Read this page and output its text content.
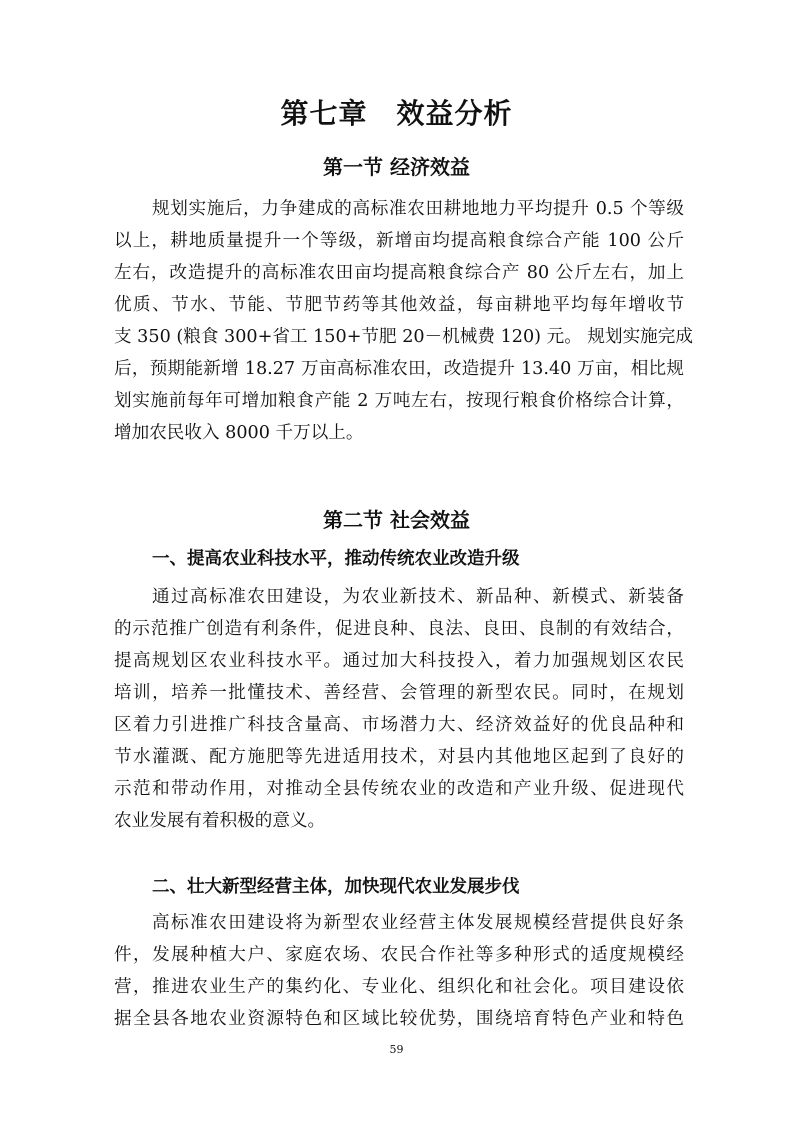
第七章　效益分析
第一节 经济效益
规划实施后，力争建成的高标准农田耕地地力平均提升 0.5 个等级
以上，耕地质量提升一个等级，新增亩均提高粮食综合产能 100 公斤
左右，改造提升的高标准农田亩均提高粮食综合产 80 公斤左右，加上
优质、节水、节能、节肥节药等其他效益，每亩耕地平均每年增收节
支 350 (粮食 300+省工 150+节肥 20－机械费 120) 元。 规划实施完成
后，预期能新增 18.27 万亩高标准农田，改造提升 13.40 万亩，相比规
划实施前每年可增加粮食产能 2 万吨左右，按现行粮食价格综合计算，
增加农民收入 8000 千万以上。
第二节 社会效益
一、提高农业科技水平，推动传统农业改造升级
通过高标准农田建设，为农业新技术、新品种、新模式、新装备
的示范推广创造有利条件，促进良种、良法、良田、良制的有效结合，
提高规划区农业科技水平。通过加大科技投入，着力加强规划区农民
培训，培养一批懂技术、善经营、会管理的新型农民。同时，在规划
区着力引进推广科技含量高、市场潜力大、经济效益好的优良品种和
节水灌溉、配方施肥等先进适用技术，对县内其他地区起到了良好的
示范和带动作用，对推动全县传统农业的改造和产业升级、促进现代
农业发展有着积极的意义。
二、壮大新型经营主体，加快现代农业发展步伐
高标准农田建设将为新型农业经营主体发展规模经营提供良好条
件，发展种植大户、家庭农场、农民合作社等多种形式的适度规模经
营，推进农业生产的集约化、专业化、组织化和社会化。项目建设依
据全县各地农业资源特色和区域比较优势，围绕培育特色产业和特色
59
